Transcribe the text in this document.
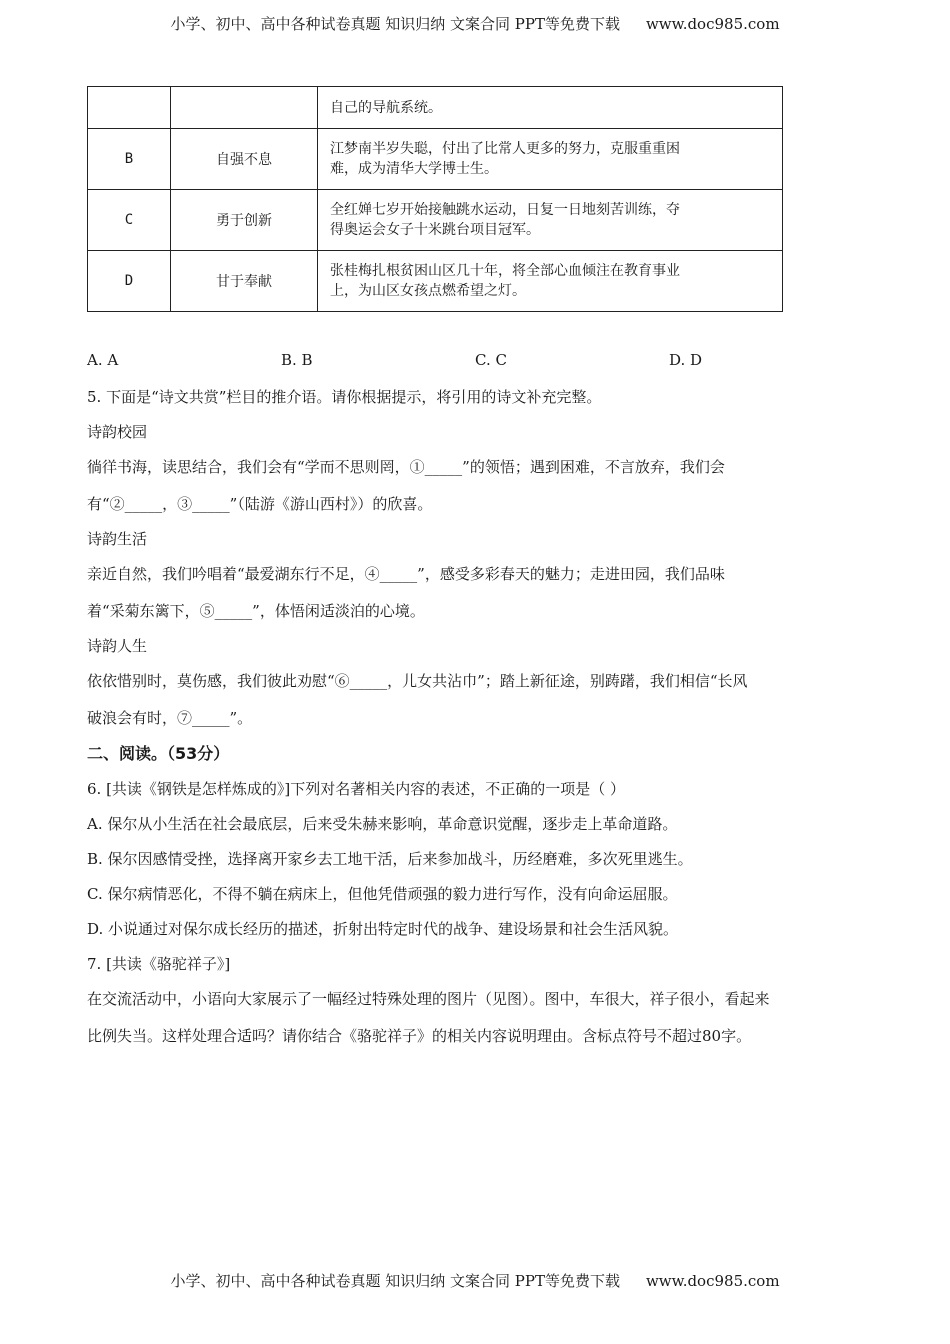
小学、初中、高中各种试卷真题 知识归纳 文案合同 PPT等免费下载 www.doc985.com

		自己的导航系统。

B	自强不息	江梦南半岁失聪，付出了比常人更多的努力，克服重重困
难，成为清华大学博士生。

C	勇于创新	全红婵七岁开始接触跳水运动，日复一日地刻苦训练，夺
得奥运会女子十米跳台项目冠军。

D	甘于奉献	张桂梅扎根贫困山区几十年，将全部心血倾注在教育事业
上，为山区女孩点燃希望之灯。
A. A	B. B	C. C	D. D
5. 下面是“诗文共赏”栏目的推介语。请你根据提示，将引用的诗文补充完整。
诗韵校园
徜徉书海，读思结合，我们会有“学而不思则罔，①_____”的领悟；遇到困难，不言放弃，我们会
有“②_____，③_____”（陆游《游山西村》）的欣喜。
诗韵生活
亲近自然，我们吟唱着“最爱湖东行不足，④_____”，感受多彩春天的魅力；走进田园，我们品味
着“采菊东篱下，⑤_____”，体悟闲适淡泊的心境。
诗韵人生
依依惜别时，莫伤感，我们彼此劝慰“⑥_____，儿女共沾巾”；踏上新征途，别踌躇，我们相信“长风
破浪会有时，⑦_____”。
二、阅读。（53分）
6. [共读《钢铁是怎样炼成的》]下列对名著相关内容的表述，不正确的一项是（ ）
A. 保尔从小生活在社会最底层，后来受朱赫来影响，革命意识觉醒，逐步走上革命道路。
B. 保尔因感情受挫，选择离开家乡去工地干活，后来参加战斗，历经磨难，多次死里逃生。
C. 保尔病情恶化，不得不躺在病床上，但他凭借顽强的毅力进行写作，没有向命运屈服。
D. 小说通过对保尔成长经历的描述，折射出特定时代的战争、建设场景和社会生活风貌。
7. [共读《骆驼祥子》]
在交流活动中，小语向大家展示了一幅经过特殊处理的图片（见图）。图中，车很大，祥子很小，看起来
比例失当。这样处理合适吗？请你结合《骆驼祥子》的相关内容说明理由。含标点符号不超过80字。
小学、初中、高中各种试卷真题 知识归纳 文案合同 PPT等免费下载 www.doc985.com
